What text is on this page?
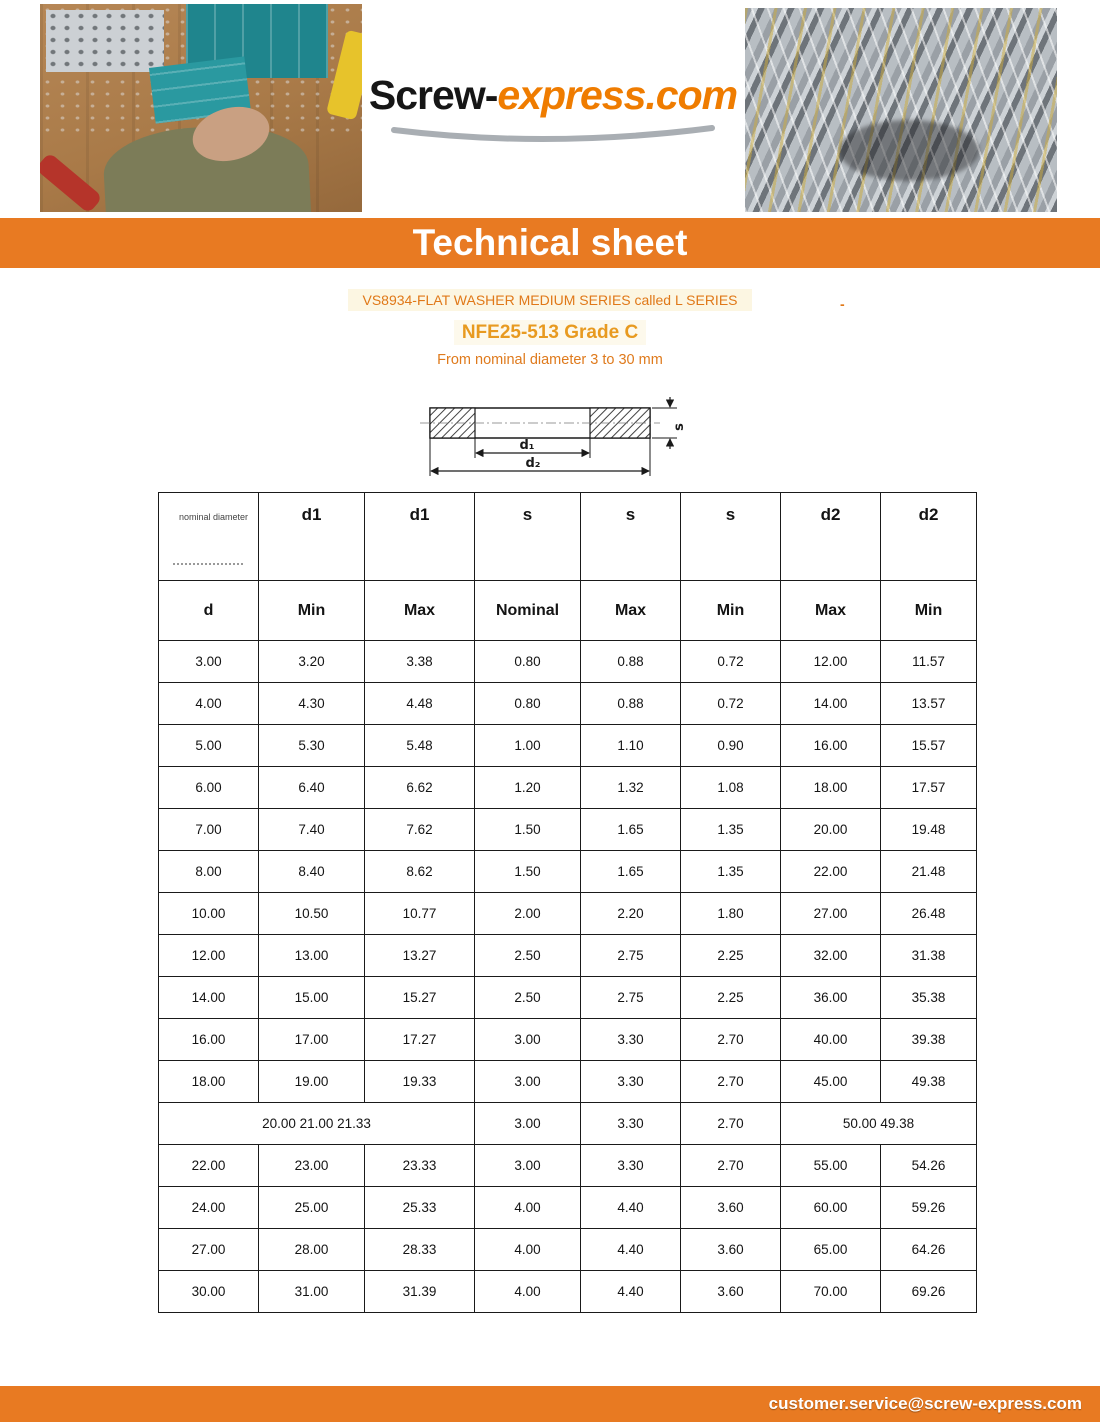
Screw-express.com
Technical sheet
VS8934-FLAT WASHER MEDIUM SERIES called L SERIES	-
NFE25-513 Grade C
From nominal diameter 3 to 30 mm
d₁
d₂
s
nominal diameter	d1	d1	s	s	s	d2	d2
d	Min	Max	Nominal	Max	Min	Max	Min
3.00	3.20	3.38	0.80	0.88	0.72	12.00	11.57
4.00	4.30	4.48	0.80	0.88	0.72	14.00	13.57
5.00	5.30	5.48	1.00	1.10	0.90	16.00	15.57
6.00	6.40	6.62	1.20	1.32	1.08	18.00	17.57
7.00	7.40	7.62	1.50	1.65	1.35	20.00	19.48
8.00	8.40	8.62	1.50	1.65	1.35	22.00	21.48
10.00	10.50	10.77	2.00	2.20	1.80	27.00	26.48
12.00	13.00	13.27	2.50	2.75	2.25	32.00	31.38
14.00	15.00	15.27	2.50	2.75	2.25	36.00	35.38
16.00	17.00	17.27	3.00	3.30	2.70	40.00	39.38
18.00	19.00	19.33	3.00	3.30	2.70	45.00	49.38
20.00 21.00 21.33			3.00	3.30	2.70	50.00 49.38	
22.00	23.00	23.33	3.00	3.30	2.70	55.00	54.26
24.00	25.00	25.33	4.00	4.40	3.60	60.00	59.26
27.00	28.00	28.33	4.00	4.40	3.60	65.00	64.26
30.00	31.00	31.39	4.00	4.40	3.60	70.00	69.26
customer.service@screw-express.com
